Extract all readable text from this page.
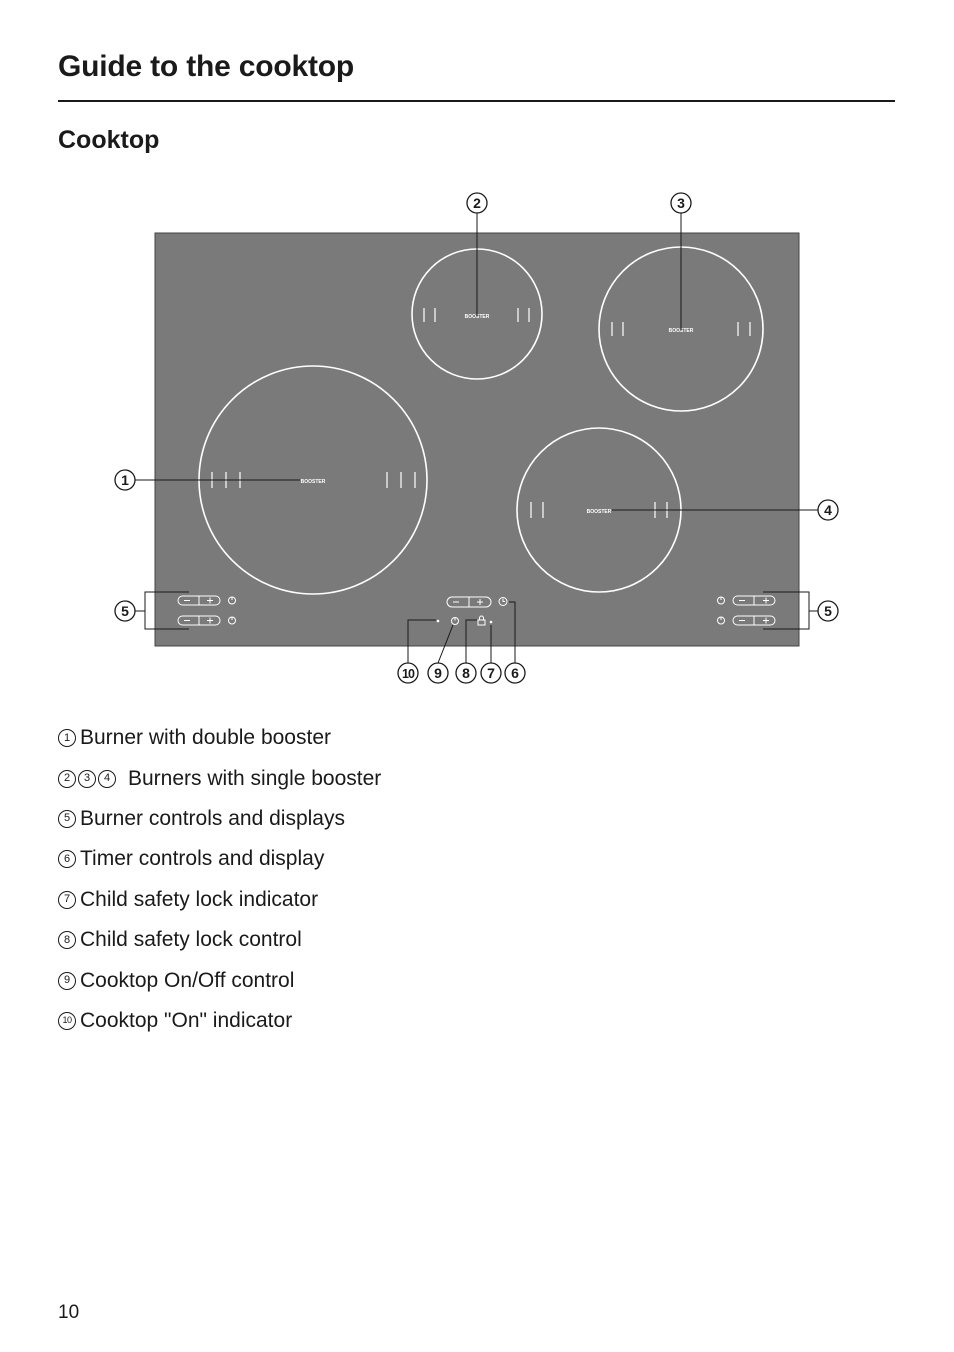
Guide to the cooktop
Cooktop
BOOSTER
BOOSTER
BOOSTER
BOOSTER
2	3
1
4
5	5
10 9 8 7 6
1 Burner with double booster
2	3	4 Burners with single booster
5 Burner controls and displays
6 Timer controls and display
7 Child safety lock indicator
8 Child safety lock control
9 Cooktop On/Off control
10 Cooktop "On" indicator
10
